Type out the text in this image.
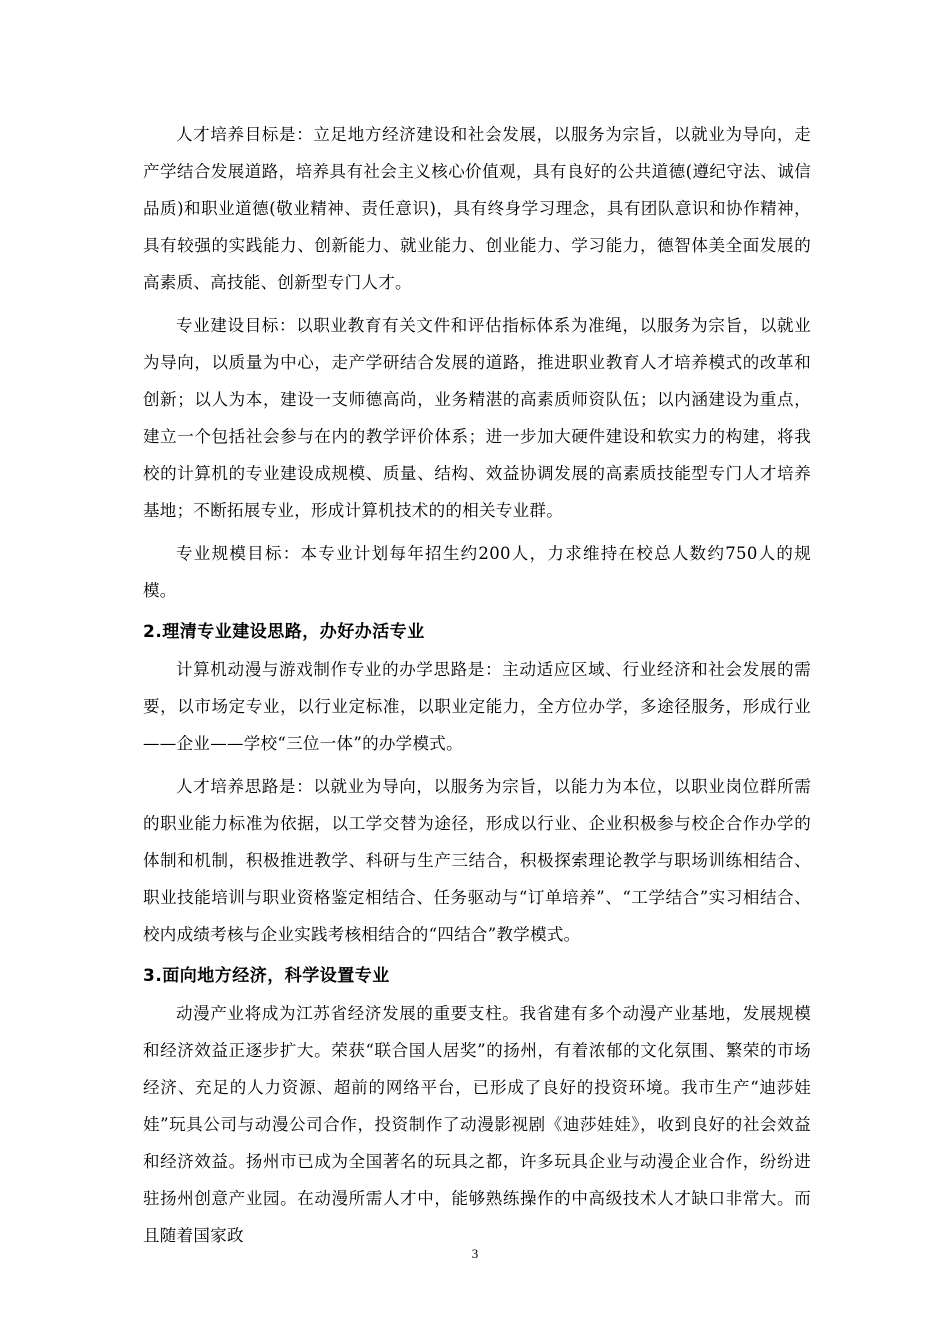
人才培养目标是：立足地方经济建设和社会发展，以服务为宗旨，以就业为导向，走产学结合发展道路，培养具有社会主义核心价值观，具有良好的公共道德(遵纪守法、诚信品质)和职业道德(敬业精神、责任意识)，具有终身学习理念，具有团队意识和协作精神，具有较强的实践能力、创新能力、就业能力、创业能力、学习能力，德智体美全面发展的高素质、高技能、创新型专门人才。

专业建设目标：以职业教育有关文件和评估指标体系为准绳，以服务为宗旨，以就业为导向，以质量为中心，走产学研结合发展的道路，推进职业教育人才培养模式的改革和创新；以人为本，建设一支师德高尚，业务精湛的高素质师资队伍；以内涵建设为重点，建立一个包括社会参与在内的教学评价体系；进一步加大硬件建设和软实力的构建，将我校的计算机的专业建设成规模、质量、结构、效益协调发展的高素质技能型专门人才培养基地；不断拓展专业，形成计算机技术的的相关专业群。

专业规模目标：本专业计划每年招生约200人，力求维持在校总人数约750人的规模。

2.理清专业建设思路，办好办活专业

计算机动漫与游戏制作专业的办学思路是：主动适应区域、行业经济和社会发展的需要，以市场定专业，以行业定标准，以职业定能力，全方位办学，多途径服务，形成行业——企业——学校“三位一体”的办学模式。

人才培养思路是：以就业为导向，以服务为宗旨，以能力为本位，以职业岗位群所需的职业能力标准为依据，以工学交替为途径，形成以行业、企业积极参与校企合作办学的体制和机制，积极推进教学、科研与生产三结合，积极探索理论教学与职场训练相结合、职业技能培训与职业资格鉴定相结合、任务驱动与“订单培养”、“工学结合”实习相结合、校内成绩考核与企业实践考核相结合的“四结合”教学模式。

3.面向地方经济，科学设置专业

动漫产业将成为江苏省经济发展的重要支柱。我省建有多个动漫产业基地，发展规模和经济效益正逐步扩大。荣获“联合国人居奖”的扬州，有着浓郁的文化氛围、繁荣的市场经济、充足的人力资源、超前的网络平台，已形成了良好的投资环境。我市生产“迪莎娃娃”玩具公司与动漫公司合作，投资制作了动漫影视剧《迪莎娃娃》，收到良好的社会效益和经济效益。扬州市已成为全国著名的玩具之都，许多玩具企业与动漫企业合作，纷纷进驻扬州创意产业园。在动漫所需人才中，能够熟练操作的中高级技术人才缺口非常大。而且随着国家政

3
